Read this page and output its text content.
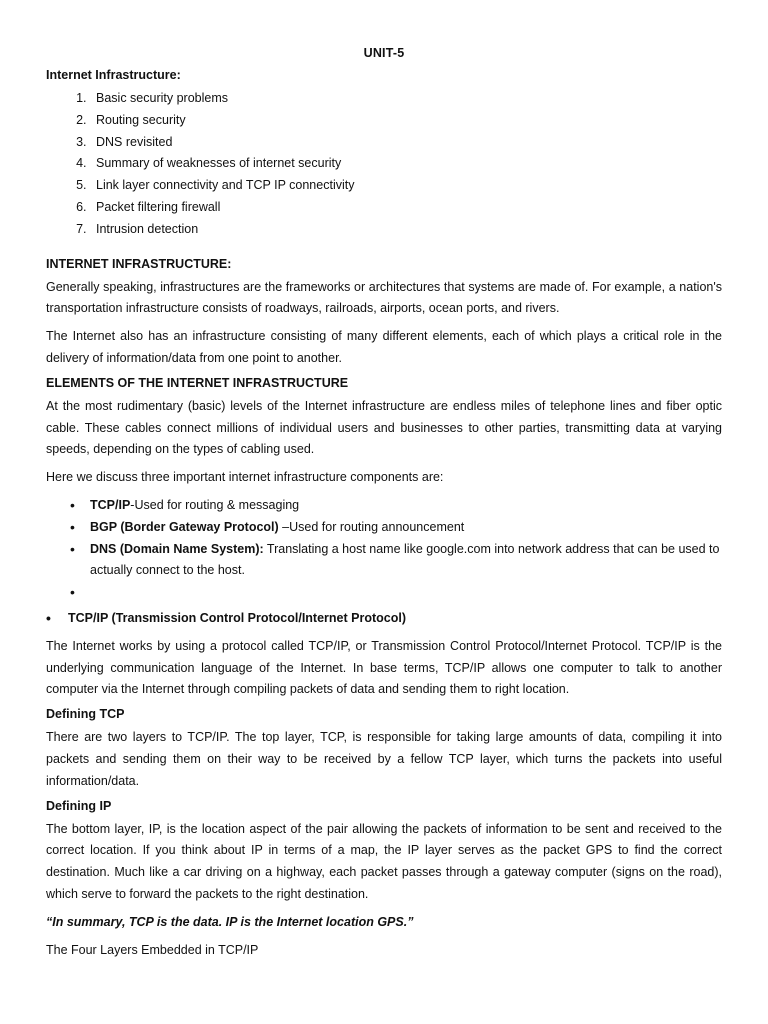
UNIT-5
Internet Infrastructure:
1. Basic security problems
2. Routing security
3. DNS revisited
4. Summary of weaknesses of internet security
5. Link layer connectivity and TCP IP connectivity
6. Packet filtering firewall
7. Intrusion detection
INTERNET INFRASTRUCTURE:

Generally speaking, infrastructures are the frameworks or architectures that systems are made of. For example, a nation's transportation infrastructure consists of roadways, railroads, airports, ocean ports, and rivers.

The Internet also has an infrastructure consisting of many different elements, each of which plays a critical role in the delivery of information/data from one point to another.

ELEMENTS OF THE INTERNET INFRASTRUCTURE

At the most rudimentary (basic) levels of the Internet infrastructure are endless miles of telephone lines and fiber optic cable. These cables connect millions of individual users and businesses to other parties, transmitting data at varying speeds, depending on the types of cabling used.

Here we discuss three important internet infrastructure components are:

• TCP/IP-Used for routing & messaging
• BGP (Border Gateway Protocol) –Used for routing announcement
• DNS (Domain Name System): Translating a host name like google.com into network address that can be used to actually connect to the host.
•

• TCP/IP (Transmission Control Protocol/Internet Protocol)

The Internet works by using a protocol called TCP/IP, or Transmission Control Protocol/Internet Protocol. TCP/IP is the underlying communication language of the Internet. In base terms, TCP/IP allows one computer to talk to another computer via the Internet through compiling packets of data and sending them to right location.

Defining TCP

There are two layers to TCP/IP. The top layer, TCP, is responsible for taking large amounts of data, compiling it into packets and sending them on their way to be received by a fellow TCP layer, which turns the packets into useful information/data.

Defining IP

The bottom layer, IP, is the location aspect of the pair allowing the packets of information to be sent and received to the correct location. If you think about IP in terms of a map, the IP layer serves as the packet GPS to find the correct destination. Much like a car driving on a highway, each packet passes through a gateway computer (signs on the road), which serve to forward the packets to the right destination.

“In summary, TCP is the data. IP is the Internet location GPS.”

The Four Layers Embedded in TCP/IP
